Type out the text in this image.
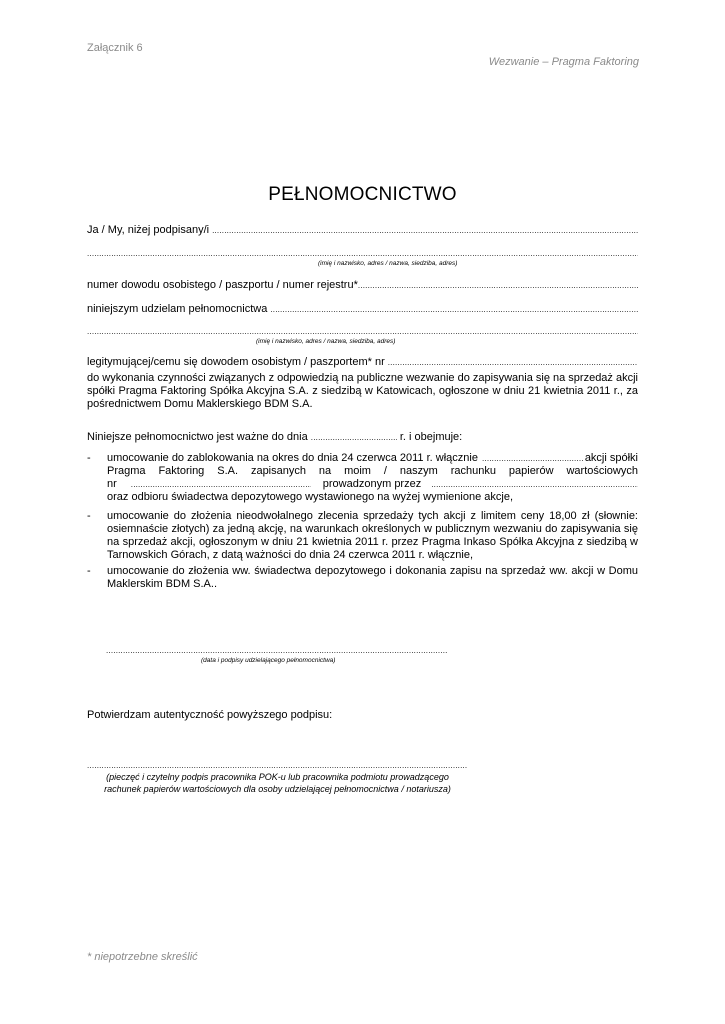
Załącznik 6
Wezwanie – Pragma Faktoring
PEŁNOMOCNICTWO
Ja / My, niżej podpisany/i
.....
.....
(imię i nazwisko, adres / nazwa, siedziba, adres)
numer dowodu osobistego / paszportu / numer rejestru*
.....
niniejszym udzielam pełnomocnictwa
.....
.....
(imię i nazwisko, adres / nazwa, siedziba, adres)
legitymującej/cemu się dowodem osobistym / paszportem* nr
.....
do wykonania czynności związanych z odpowiedzią na publiczne wezwanie do zapisywania się na sprzedaż akcji spółki Pragma Faktoring Spółka Akcyjna S.A. z siedzibą w Katowicach, ogłoszone w dniu 21 kwietnia 2011 r., za pośrednictwem Domu Maklerskiego BDM S.A.
Niniejsze pełnomocnictwo jest ważne do dnia .....	r. i obejmuje:
- umocowanie do zablokowania na okres do dnia 24 czerwca 2011 r. włącznie .....	akcji spółki
Pragma Faktoring S.A. zapisanych na moim / naszym rachunku papierów wartościowych
nr .....	prowadzonym przez
.....
oraz odbioru świadectwa depozytowego wystawionego na wyżej wymienione akcje,
- umocowanie do złożenia nieodwołalnego zlecenia sprzedaży tych akcji z limitem ceny 18,00 zł (słownie: osiemnaście złotych) za jedną akcję, na warunkach określonych w publicznym wezwaniu do zapisywania się na sprzedaż akcji, ogłoszonym w dniu 21 kwietnia 2011 r. przez Pragma Inkaso Spółka Akcyjna z siedzibą w Tarnowskich Górach, z datą ważności do dnia 24 czerwca 2011 r. włącznie,
- umocowanie do złożenia ww. świadectwa depozytowego i dokonania zapisu na sprzedaż ww. akcji w Domu Maklerskim BDM S.A..
.....
(data i podpisy udzielającego pełnomocnictwa)
Potwierdzam autentyczność powyższego podpisu:
.....
(pieczęć i czytelny podpis pracownika POK-u lub pracownika podmiotu prowadzącego
rachunek papierów wartościowych dla osoby udzielającej pełnomocnictwa / notariusza)
* niepotrzebne skreślić
